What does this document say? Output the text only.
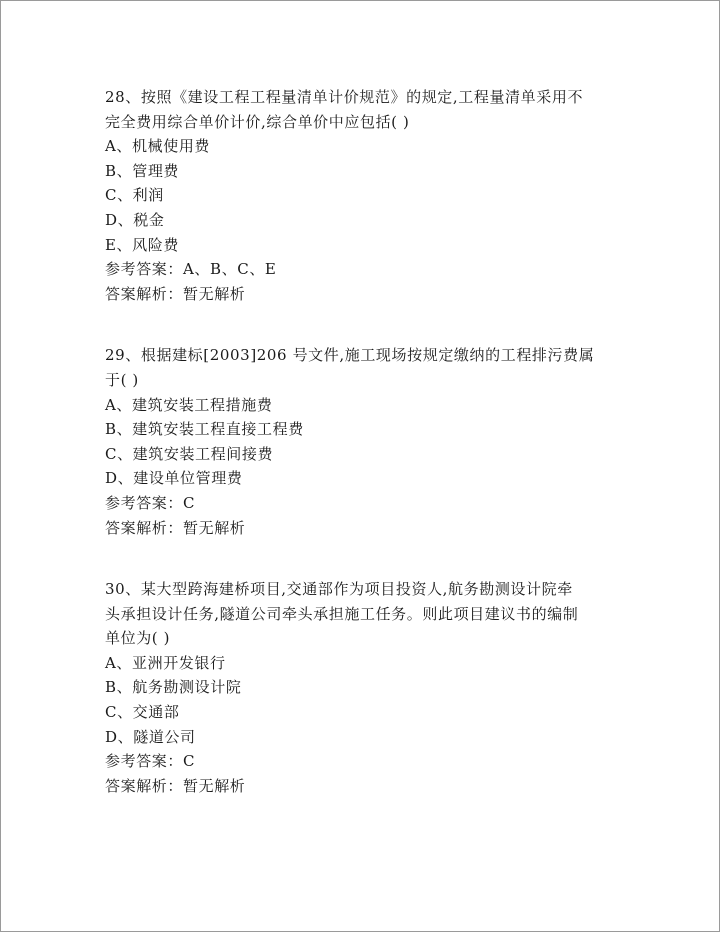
28、按照《建设工程工程量清单计价规范》的规定,工程量清单采用不
完全费用综合单价计价,综合单价中应包括( )
A、机械使用费
B、管理费
C、利润
D、税金
E、风险费
参考答案：A、B、C、E
答案解析：暂无解析
29、根据建标[2003]206 号文件,施工现场按规定缴纳的工程排污费属
于( )
A、建筑安装工程措施费
B、建筑安装工程直接工程费
C、建筑安装工程间接费
D、建设单位管理费
参考答案：C
答案解析：暂无解析
30、某大型跨海建桥项目,交通部作为项目投资人,航务勘测设计院牵
头承担设计任务,隧道公司牵头承担施工任务。则此项目建议书的编制
单位为( )
A、亚洲开发银行
B、航务勘测设计院
C、交通部
D、隧道公司
参考答案：C
答案解析：暂无解析
